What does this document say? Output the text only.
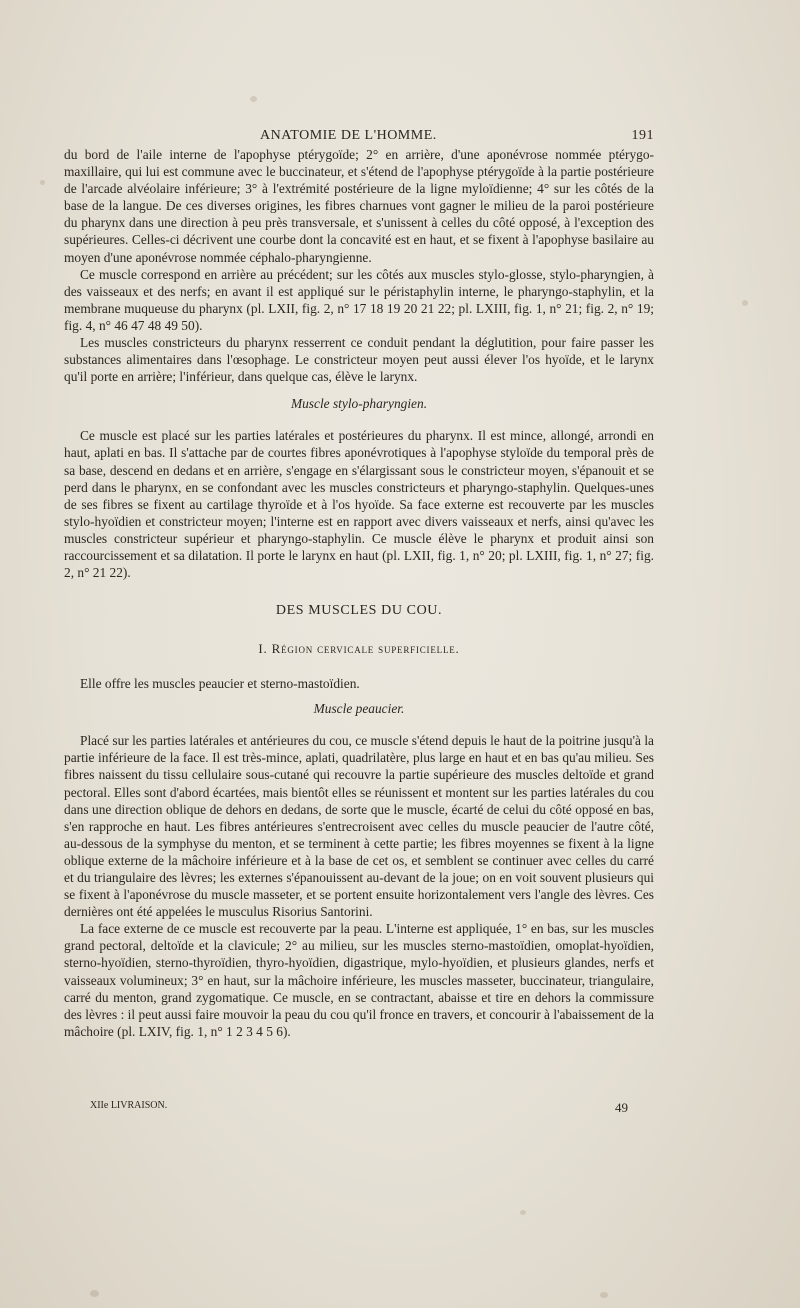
ANATOMIE DE L'HOMME.	191

du bord de l'aile interne de l'apophyse ptérygoïde; 2° en arrière, d'une aponévrose nommée ptérygo-maxillaire, qui lui est commune avec le buccinateur, et s'étend de l'apophyse ptérygoïde à la partie postérieure de l'arcade alvéolaire inférieure; 3° à l'extrémité postérieure de la ligne myloïdienne; 4° sur les côtés de la base de la langue. De ces diverses origines, les fibres charnues vont gagner le milieu de la paroi postérieure du pharynx dans une direction à peu près transversale, et s'unissent à celles du côté opposé, à l'exception des supérieures. Celles-ci décrivent une courbe dont la concavité est en haut, et se fixent à l'apophyse basilaire au moyen d'une aponévrose nommée céphalo-pharyngienne.

Ce muscle correspond en arrière au précédent; sur les côtés aux muscles stylo-glosse, stylo-pharyngien, à des vaisseaux et des nerfs; en avant il est appliqué sur le péristaphylin interne, le pharyngo-staphylin, et la membrane muqueuse du pharynx (pl. LXII, fig. 2, n° 17 18 19 20 21 22; pl. LXIII, fig. 1, n° 21; fig. 2, n° 19; fig. 4, n° 46 47 48 49 50).

Les muscles constricteurs du pharynx resserrent ce conduit pendant la déglutition, pour faire passer les substances alimentaires dans l'œsophage. Le constricteur moyen peut aussi élever l'os hyoïde, et le larynx qu'il porte en arrière; l'inférieur, dans quelque cas, élève le larynx.

Muscle stylo-pharyngien.

Ce muscle est placé sur les parties latérales et postérieures du pharynx. Il est mince, allongé, arrondi en haut, aplati en bas. Il s'attache par de courtes fibres aponévrotiques à l'apophyse styloïde du temporal près de sa base, descend en dedans et en arrière, s'engage en s'élargissant sous le constricteur moyen, s'épanouit et se perd dans le pharynx, en se confondant avec les muscles constricteurs et pharyngo-staphylin. Quelques-unes de ses fibres se fixent au cartilage thyroïde et à l'os hyoïde. Sa face externe est recouverte par les muscles stylo-hyoïdien et constricteur moyen; l'interne est en rapport avec divers vaisseaux et nerfs, ainsi qu'avec les muscles constricteur supérieur et pharyngo-staphylin. Ce muscle élève le pharynx et produit ainsi son raccourcissement et sa dilatation. Il porte le larynx en haut (pl. LXII, fig. 1, n° 20; pl. LXIII, fig. 1, n° 27; fig. 2, n° 21 22).

DES MUSCLES DU COU.
I. Région cervicale superficielle.

Elle offre les muscles peaucier et sterno-mastoïdien.

Muscle peaucier.

Placé sur les parties latérales et antérieures du cou, ce muscle s'étend depuis le haut de la poitrine jusqu'à la partie inférieure de la face. Il est très-mince, aplati, quadrilatère, plus large en haut et en bas qu'au milieu. Ses fibres naissent du tissu cellulaire sous-cutané qui recouvre la partie supérieure des muscles deltoïde et grand pectoral. Elles sont d'abord écartées, mais bientôt elles se réunissent et montent sur les parties latérales du cou dans une direction oblique de dehors en dedans, de sorte que le muscle, écarté de celui du côté opposé en bas, s'en rapproche en haut. Les fibres antérieures s'entrecroisent avec celles du muscle peaucier de l'autre côté, au-dessous de la symphyse du menton, et se terminent à cette partie; les fibres moyennes se fixent à la ligne oblique externe de la mâchoire inférieure et à la base de cet os, et semblent se continuer avec celles du carré et du triangulaire des lèvres; les externes s'épanouissent au-devant de la joue; on en voit souvent plusieurs qui se fixent à l'aponévrose du muscle masseter, et se portent ensuite horizontalement vers l'angle des lèvres. Ces dernières ont été appelées le musculus Risorius Santorini.

La face externe de ce muscle est recouverte par la peau. L'interne est appliquée, 1° en bas, sur les muscles grand pectoral, deltoïde et la clavicule; 2° au milieu, sur les muscles sterno-mastoïdien, omoplat-hyoïdien, sterno-hyoïdien, sterno-thyroïdien, thyro-hyoïdien, digastrique, mylo-hyoïdien, et plusieurs glandes, nerfs et vaisseaux volumineux; 3° en haut, sur la mâchoire inférieure, les muscles masseter, buccinateur, triangulaire, carré du menton, grand zygomatique. Ce muscle, en se contractant, abaisse et tire en dehors la commissure des lèvres : il peut aussi faire mouvoir la peau du cou qu'il fronce en travers, et concourir à l'abaissement de la mâchoire (pl. LXIV, fig. 1, n° 1 2 3 4 5 6).

XIIe LIVRAISON.	49
